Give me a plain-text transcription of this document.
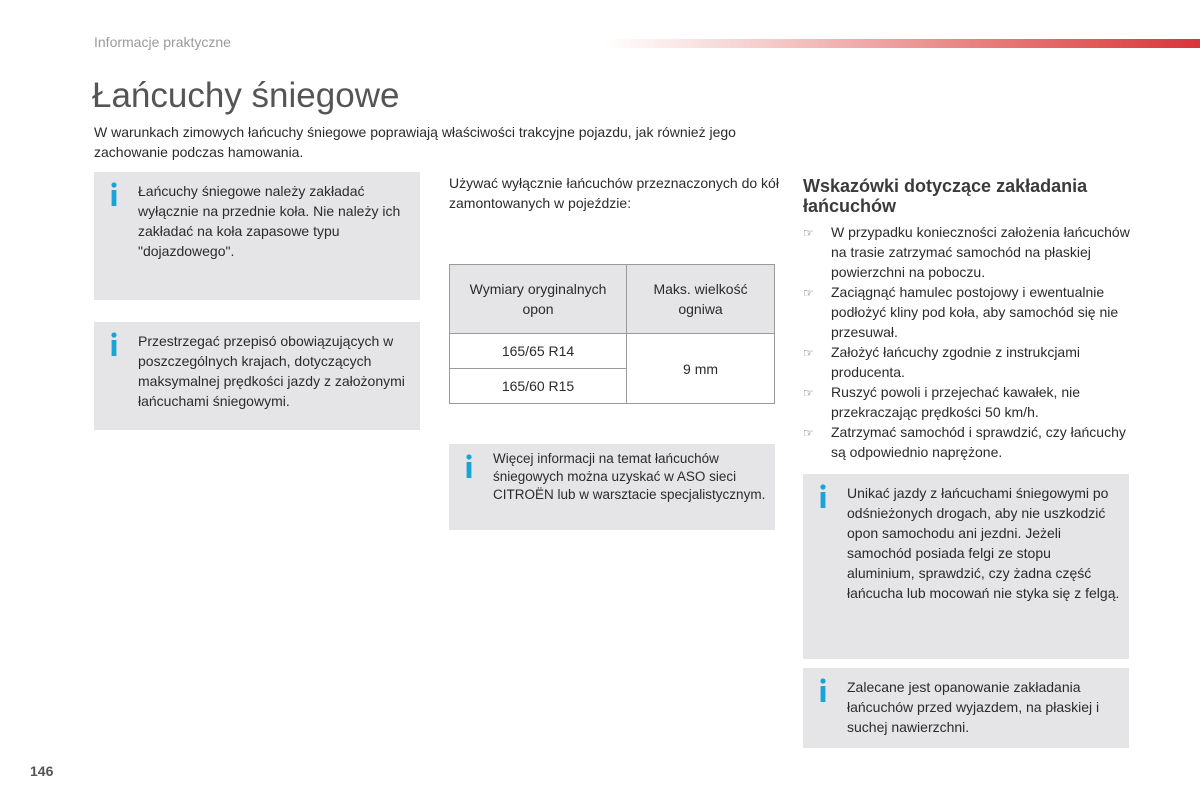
Informacje praktyczne
Łańcuchy śniegowe

W warunkach zimowych łańcuchy śniegowe poprawiają właściwości trakcyjne pojazdu, jak również jego zachowanie podczas hamowania.

Łańcuchy śniegowe należy zakładać wyłącznie na przednie koła. Nie należy ich zakładać na koła zapasowe typu "dojazdowego".

Przestrzegać przepisó obowiązujących w poszczególnych krajach, dotyczących maksymalnej prędkości jazdy z założonymi łańcuchami śniegowymi.

Używać wyłącznie łańcuchów przeznaczonych do kół zamontowanych w pojeździe:

Wymiary oryginalnych opon	Maks. wielkość ogniwa
165/65 R14	9 mm
165/60 R15	

Więcej informacji na temat łańcuchów śniegowych można uzyskać w ASO sieci CITROËN lub w warsztacie specjalistycznym.

Wskazówki dotyczące zakładania łańcuchów
☞ W przypadku konieczności założenia łańcuchów na trasie zatrzymać samochód na płaskiej powierzchni na poboczu.
☞ Zaciągnąć hamulec postojowy i ewentualnie podłożyć kliny pod koła, aby samochód się nie przesuwał.
☞ Założyć łańcuchy zgodnie z instrukcjami producenta.
☞ Ruszyć powoli i przejechać kawałek, nie przekraczając prędkości 50 km/h.
☞ Zatrzymać samochód i sprawdzić, czy łańcuchy są odpowiednio naprężone.

Unikać jazdy z łańcuchami śniegowymi po odśnieżonych drogach, aby nie uszkodzić opon samochodu ani jezdni. Jeżeli samochód posiada felgi ze stopu aluminium, sprawdzić, czy żadna część łańcucha lub mocowań nie styka się z felgą.

Zalecane jest opanowanie zakładania łańcuchów przed wyjazdem, na płaskiej i suchej nawierzchni.

146
